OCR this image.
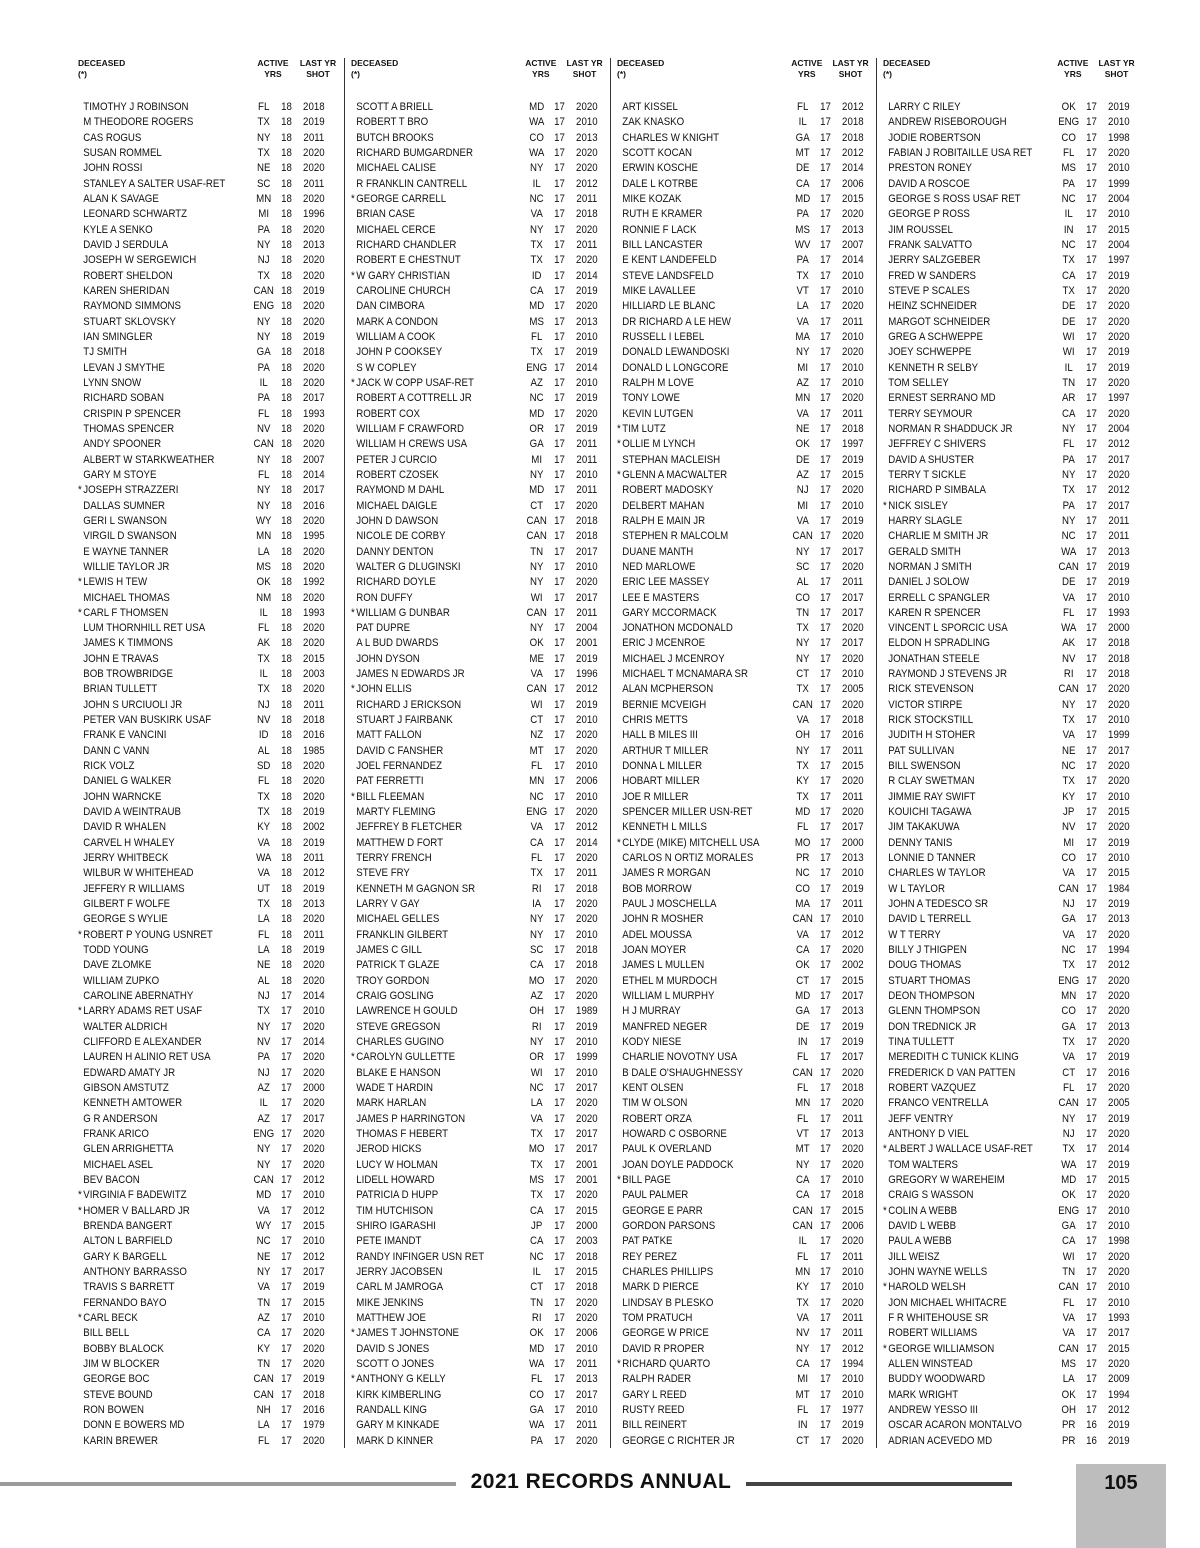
DECEASED
(*)
ACTIVE
YRS
LAST YR
SHOT
TIMOTHY J ROBINSON	FL	18	2018
M THEODORE ROGERS	TX	18	2019
CAS ROGUS	NY 18	2011
SUSAN ROMMEL	TX	18	2020
JOHN ROSSI	NE 18	2020
STANLEY A SALTER USAF-RET	SC 18	2011
ALAN K SAVAGE	MN 18	2020
LEONARD SCHWARTZ	MI	18	1996
KYLE A SENKO	PA	18	2020
DAVID J SERDULA	NY 18	2013
JOSEPH W SERGEWICH	NJ	18	2020
ROBERT SHELDON	TX	18	2020
KAREN SHERIDAN	CAN 18	2019
RAYMOND SIMMONS	ENG 18	2020
STUART SKLOVSKY	NY 18	2020
IAN SMINGLER	NY 18	2019
TJ SMITH	GA 18	2018
LEVAN J SMYTHE	PA	18	2020
LYNN SNOW	IL	18	2020
RICHARD SOBAN	PA	18	2017
CRISPIN P SPENCER	FL	18	1993
THOMAS SPENCER	NV 18	2020
ANDY SPOONER	CAN 18	2020
ALBERT W STARKWEATHER	NY 18	2007
GARY M STOYE	FL	18	2014
* JOSEPH STRAZZERI	NY 18	2017
DALLAS SUMNER	NY 18	2016
GERI L SWANSON	WY 18	2020
VIRGIL D SWANSON	MN 18	1995
E WAYNE TANNER	LA	18	2020
WILLIE TAYLOR JR	MS 18	2020
* LEWIS H TEW	OK 18	1992
MICHAEL THOMAS	NM 18	2020
* CARL F THOMSEN	IL	18	1993
LUM THORNHILL RET USA	FL	18	2020
JAMES K TIMMONS	AK	18	2020
JOHN E TRAVAS	TX	18	2015
BOB TROWBRIDGE	IL	18	2003
BRIAN TULLETT	TX	18	2020
JOHN S URCIUOLI JR	NJ	18	2011
PETER VAN BUSKIRK USAF	NV 18	2018
FRANK E VANCINI	ID	18	2016
DANN C VANN	AL	18	1985
RICK VOLZ	SD 18	2020
DANIEL G WALKER	FL	18	2020
JOHN WARNCKE	TX	18	2020
DAVID A WEINTRAUB	TX	18	2019
DAVID R WHALEN	KY	18	2002
CARVEL H WHALEY	VA	18	2019
JERRY WHITBECK	WA 18	2011
WILBUR W WHITEHEAD	VA	18	2012
JEFFERY R WILLIAMS	UT	18	2019
GILBERT F WOLFE	TX	18	2013
GEORGE S WYLIE	LA	18	2020
* ROBERT P YOUNG USNRET	FL	18	2011
TODD YOUNG	LA	18	2019
DAVE ZLOMKE	NE 18	2020
WILLIAM ZUPKO	AL	18	2020
CAROLINE ABERNATHY	NJ	17	2014
* LARRY ADAMS RET USAF	TX	17	2010
WALTER ALDRICH	NY 17	2020
CLIFFORD E ALEXANDER	NV 17	2014
LAUREN H ALINIO RET USA	PA	17	2020
EDWARD AMATY JR	NJ	17	2020
GIBSON AMSTUTZ	AZ	17	2000
KENNETH AMTOWER	IL	17	2020
G R ANDERSON	AZ	17	2017
FRANK ARICO	ENG 17	2020
GLEN ARRIGHETTA	NY 17	2020
MICHAEL ASEL	NY 17	2020
BEV BACON	CAN 17	2012
* VIRGINIA F BADEWITZ	MD 17	2010
* HOMER V BALLARD JR	VA	17	2012
BRENDA BANGERT	WY 17	2015
ALTON L BARFIELD	NC 17	2010
GARY K BARGELL	NE 17	2012
ANTHONY BARRASSO	NY 17	2017
TRAVIS S BARRETT	VA	17	2019
FERNANDO BAYO	TN	17	2015
* CARL BECK	AZ	17	2010
BILL BELL	CA 17	2020
BOBBY BLALOCK	KY	17	2020
JIM W BLOCKER	TN	17	2020
GEORGE BOC	CAN 17	2019
STEVE BOUND	CAN 17	2018
RON BOWEN	NH 17	2016
DONN E BOWERS MD	LA	17	1979
KARIN BREWER	FL	17	2020
DECEASED
(*)
ACTIVE
YRS
LAST YR
SHOT
SCOTT A BRIELL	MD 17	2020
ROBERT T BRO	WA 17	2010
BUTCH BROOKS	CO 17	2013
RICHARD BUMGARDNER	WA 17	2020
MICHAEL CALISE	NY 17	2020
R FRANKLIN CANTRELL	IL	17	2012
* GEORGE CARRELL	NC 17	2011
BRIAN CASE	VA	17	2018
MICHAEL CERCE	NY 17	2020
RICHARD CHANDLER	TX	17	2011
ROBERT E CHESTNUT	TX	17	2020
* W GARY CHRISTIAN	ID	17	2014
CAROLINE CHURCH	CA 17	2019
DAN CIMBORA	MD 17	2020
MARK A CONDON	MS 17	2013
WILLIAM A COOK	FL	17	2010
JOHN P COOKSEY	TX	17	2019
S W COPLEY	ENG 17	2014
* JACK W COPP USAF-RET	AZ	17	2010
ROBERT A COTTRELL JR	NC 17	2019
ROBERT COX	MD 17	2020
WILLIAM F CRAWFORD	OR 17	2019
WILLIAM H CREWS USA	GA 17	2011
PETER J CURCIO	MI	17	2011
ROBERT CZOSEK	NY 17	2010
RAYMOND M DAHL	MD 17	2011
MICHAEL DAIGLE	CT	17	2020
JOHN D DAWSON	CAN 17	2018
NICOLE DE CORBY	CAN 17	2018
DANNY DENTON	TN	17	2017
WALTER G DLUGINSKI	NY 17	2010
RICHARD DOYLE	NY 17	2020
RON DUFFY	WI	17	2017
* WILLIAM G DUNBAR	CAN 17	2011
PAT DUPRE	NY 17	2004
A L BUD DWARDS	OK 17	2001
JOHN DYSON	ME 17	2019
JAMES N EDWARDS JR	VA	17	1996
* JOHN ELLIS	CAN 17	2012
RICHARD J ERICKSON	WI	17	2019
STUART J FAIRBANK	CT	17	2010
MATT FALLON	NZ	17	2020
DAVID C FANSHER	MT 17	2020
JOEL FERNANDEZ	FL	17	2010
PAT FERRETTI	MN 17	2006
* BILL FLEEMAN	NC 17	2010
MARTY FLEMING	ENG 17	2020
JEFFREY B FLETCHER	VA	17	2012
MATTHEW D FORT	CA 17	2014
TERRY FRENCH	FL	17	2020
STEVE FRY	TX	17	2011
KENNETH M GAGNON SR	RI	17	2018
LARRY V GAY	IA	17	2020
MICHAEL GELLES	NY 17	2020
FRANKLIN GILBERT	NY 17	2010
JAMES C GILL	SC 17	2018
PATRICK T GLAZE	CA 17	2018
TROY GORDON	MO 17	2020
CRAIG GOSLING	AZ	17	2020
LAWRENCE H GOULD	OH 17	1989
STEVE GREGSON	RI	17	2019
CHARLES GUGINO	NY 17	2010
* CAROLYN GULLETTE	OR 17	1999
BLAKE E HANSON	WI	17	2010
WADE T HARDIN	NC 17	2017
MARK HARLAN	LA	17	2020
JAMES P HARRINGTON	VA	17	2020
THOMAS F HEBERT	TX	17	2017
JEROD HICKS	MO 17	2017
LUCY W HOLMAN	TX	17	2001
LIDELL HOWARD	MS 17	2001
PATRICIA D HUPP	TX	17	2020
TIM HUTCHISON	CA 17	2015
SHIRO IGARASHI	JP	17	2000
PETE IMANDT	CA 17	2003
RANDY INFINGER USN RET	NC 17	2018
JERRY JACOBSEN	IL	17	2015
CARL M JAMROGA	CT	17	2018
MIKE JENKINS	TN	17	2020
MATTHEW JOE	RI	17	2020
* JAMES T JOHNSTONE	OK 17	2006
DAVID S JONES	MD 17	2010
SCOTT O JONES	WA 17	2011
* ANTHONY G KELLY	FL	17	2013
KIRK KIMBERLING	CO 17	2017
RANDALL KING	GA 17	2010
GARY M KINKADE	WA 17	2011
MARK D KINNER	PA	17	2020
DECEASED
(*)
ACTIVE
YRS
LAST YR
SHOT
ART KISSEL	FL	17	2012
ZAK KNASKO	IL	17	2018
CHARLES W KNIGHT	GA 17	2018
SCOTT KOCAN	MT 17	2012
ERWIN KOSCHE	DE 17	2014
DALE L KOTRBE	CA 17	2006
MIKE KOZAK	MD 17	2015
RUTH E KRAMER	PA	17	2020
RONNIE F LACK	MS 17	2013
BILL LANCASTER	WV 17	2007
E KENT LANDEFELD	PA	17	2014
STEVE LANDSFELD	TX	17	2010
MIKE LAVALLEE	VT	17	2010
HILLIARD LE BLANC	LA	17	2020
DR RICHARD A LE HEW	VA	17	2011
RUSSELL I LEBEL	MA 17	2010
DONALD LEWANDOSKI	NY 17	2020
DONALD L LONGCORE	MI	17	2010
RALPH M LOVE	AZ	17	2010
TONY LOWE	MN 17	2020
KEVIN LUTGEN	VA	17	2011
* TIM LUTZ	NE 17	2018
* OLLIE M LYNCH	OK 17	1997
STEPHAN MACLEISH	DE 17	2019
* GLENN A MACWALTER	AZ	17	2015
ROBERT MADOSKY	NJ	17	2020
DELBERT MAHAN	MI	17	2010
RALPH E MAIN JR	VA	17	2019
STEPHEN R MALCOLM	CAN 17	2020
DUANE MANTH	NY 17	2017
NED MARLOWE	SC 17	2020
ERIC LEE MASSEY	AL	17	2011
LEE E MASTERS	CO 17	2017
GARY MCCORMACK	TN	17	2017
JONATHON MCDONALD	TX	17	2020
ERIC J MCENROE	NY 17	2017
MICHAEL J MCENROY	NY 17	2020
MICHAEL T MCNAMARA SR	CT	17	2010
ALAN MCPHERSON	TX	17	2005
BERNIE MCVEIGH	CAN 17	2020
CHRIS METTS	VA	17	2018
HALL B MILES III	OH 17	2016
ARTHUR T MILLER	NY 17	2011
DONNA L MILLER	TX	17	2015
HOBART MILLER	KY	17	2020
JOE R MILLER	TX	17	2011
SPENCER MILLER USN-RET	MD 17	2020
KENNETH L MILLS	FL	17	2017
* CLYDE (MIKE) MITCHELL USA	MO 17	2000
CARLOS N ORTIZ MORALES	PR 17	2013
JAMES R MORGAN	NC 17	2010
BOB MORROW	CO 17	2019
PAUL J MOSCHELLA	MA 17	2011
JOHN R MOSHER	CAN 17	2010
ADEL MOUSSA	VA	17	2012
JOAN MOYER	CA 17	2020
JAMES L MULLEN	OK 17	2002
ETHEL M MURDOCH	CT	17	2015
WILLIAM L MURPHY	MD 17	2017
H J MURRAY	GA 17	2013
MANFRED NEGER	DE 17	2019
KODY NIESE	IN	17	2019
CHARLIE NOVOTNY USA	FL	17	2017
B DALE O'SHAUGHNESSY	CAN 17	2020
KENT OLSEN	FL	17	2018
TIM W OLSON	MN 17	2020
ROBERT ORZA	FL	17	2011
HOWARD C OSBORNE	VT	17	2013
PAUL K OVERLAND	MT 17	2020
JOAN DOYLE PADDOCK	NY 17	2020
* BILL PAGE	CA 17	2010
PAUL PALMER	CA 17	2018
GEORGE E PARR	CAN 17	2015
GORDON PARSONS	CAN 17	2006
PAT PATKE	IL	17	2020
REY PEREZ	FL	17	2011
CHARLES PHILLIPS	MN 17	2010
MARK D PIERCE	KY	17	2010
LINDSAY B PLESKO	TX	17	2020
TOM PRATUCH	VA	17	2011
GEORGE W PRICE	NV 17	2011
DAVID R PROPER	NY 17	2012
* RICHARD QUARTO	CA 17	1994
RALPH RADER	MI	17	2010
GARY L REED	MT 17	2010
RUSTY REED	FL	17	1977
BILL REINERT	IN	17	2019
GEORGE C RICHTER JR	CT	17	2020
DECEASED
(*)
ACTIVE
YRS
LAST YR
SHOT
LARRY C RILEY	OK 17	2019
ANDREW RISEBOROUGH	ENG 17	2010
JODIE ROBERTSON	CO 17	1998
FABIAN J ROBITAILLE USA RET	FL	17	2020
PRESTON RONEY	MS 17	2010
DAVID A ROSCOE	PA	17	1999
GEORGE S ROSS USAF RET	NC 17	2004
GEORGE P ROSS	IL	17	2010
JIM ROUSSEL	IN	17	2015
FRANK SALVATTO	NC 17	2004
JERRY SALZGEBER	TX	17	1997
FRED W SANDERS	CA 17	2019
STEVE P SCALES	TX	17	2020
HEINZ SCHNEIDER	DE 17	2020
MARGOT SCHNEIDER	DE 17	2020
GREG A SCHWEPPE	WI	17	2020
JOEY SCHWEPPE	WI	17	2019
KENNETH R SELBY	IL	17	2019
TOM SELLEY	TN	17	2020
ERNEST SERRANO MD	AR 17	1997
TERRY SEYMOUR	CA 17	2020
NORMAN R SHADDUCK JR	NY 17	2004
JEFFREY C SHIVERS	FL	17	2012
DAVID A SHUSTER	PA	17	2017
TERRY T SICKLE	NY 17	2020
RICHARD P SIMBALA	TX	17	2012
* NICK SISLEY	PA	17	2017
HARRY SLAGLE	NY 17	2011
CHARLIE M SMITH JR	NC 17	2011
GERALD SMITH	WA 17	2013
NORMAN J SMITH	CAN 17	2019
DANIEL J SOLOW	DE 17	2019
ERRELL C SPANGLER	VA	17	2010
KAREN R SPENCER	FL	17	1993
VINCENT L SPORCIC USA	WA 17	2000
ELDON H SPRADLING	AK	17	2018
JONATHAN STEELE	NV 17	2018
RAYMOND J STEVENS JR	RI	17	2018
RICK STEVENSON	CAN 17	2020
VICTOR STIRPE	NY 17	2020
RICK STOCKSTILL	TX	17	2010
JUDITH H STOHER	VA	17	1999
PAT SULLIVAN	NE 17	2017
BILL SWENSON	NC 17	2020
R CLAY SWETMAN	TX	17	2020
JIMMIE RAY SWIFT	KY	17	2010
KOUICHI TAGAWA	JP	17	2015
JIM TAKAKUWA	NV 17	2020
DENNY TANIS	MI	17	2019
LONNIE D TANNER	CO 17	2010
CHARLES W TAYLOR	VA	17	2015
W L TAYLOR	CAN 17	1984
JOHN A TEDESCO SR	NJ	17	2019
DAVID L TERRELL	GA 17	2013
W T TERRY	VA	17	2020
BILLY J THIGPEN	NC 17	1994
DOUG THOMAS	TX	17	2012
STUART THOMAS	ENG 17	2020
DEON THOMPSON	MN 17	2020
GLENN THOMPSON	CO 17	2020
DON TREDNICK JR	GA 17	2013
TINA TULLETT	TX	17	2020
MEREDITH C TUNICK KLING	VA	17	2019
FREDERICK D VAN PATTEN	CT	17	2016
ROBERT VAZQUEZ	FL	17	2020
FRANCO VENTRELLA	CAN 17	2005
JEFF VENTRY	NY 17	2019
ANTHONY D VIEL	NJ	17	2020
* ALBERT J WALLACE USAF-RET	TX	17	2014
TOM WALTERS	WA 17	2019
GREGORY W WAREHEIM	MD 17	2015
CRAIG S WASSON	OK 17	2020
* COLIN A WEBB	ENG 17	2010
DAVID L WEBB	GA 17	2010
PAUL A WEBB	CA 17	1998
JILL WEISZ	WI	17	2020
JOHN WAYNE WELLS	TN	17	2020
* HAROLD WELSH	CAN 17	2010
JON MICHAEL WHITACRE	FL	17	2010
F R WHITEHOUSE SR	VA	17	1993
ROBERT WILLIAMS	VA	17	2017
* GEORGE WILLIAMSON	CAN 17	2015
ALLEN WINSTEAD	MS 17	2020
BUDDY WOODWARD	LA	17	2009
MARK WRIGHT	OK 17	1994
ANDREW YESSO III	OH 17	2012
OSCAR ACARON MONTALVO	PR 16	2019
ADRIAN ACEVEDO MD	PR 16	2019
2021 RECORDS ANNUAL	105
